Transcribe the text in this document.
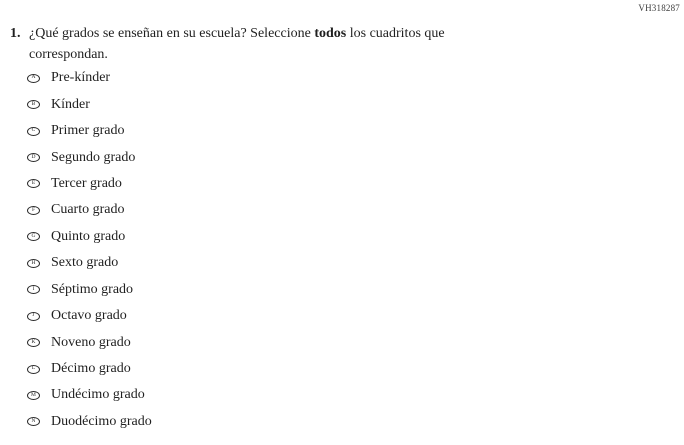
VH318287
1. ¿Qué grados se enseñan en su escuela? Seleccione todos los cuadritos que
correspondan.
A Pre-kínder
B Kínder
C Primer grado
D Segundo grado
E Tercer grado
F Cuarto grado
G Quinto grado
H Sexto grado
I Séptimo grado
J Octavo grado
K Noveno grado
L Décimo grado
M Undécimo grado
N Duodécimo grado
